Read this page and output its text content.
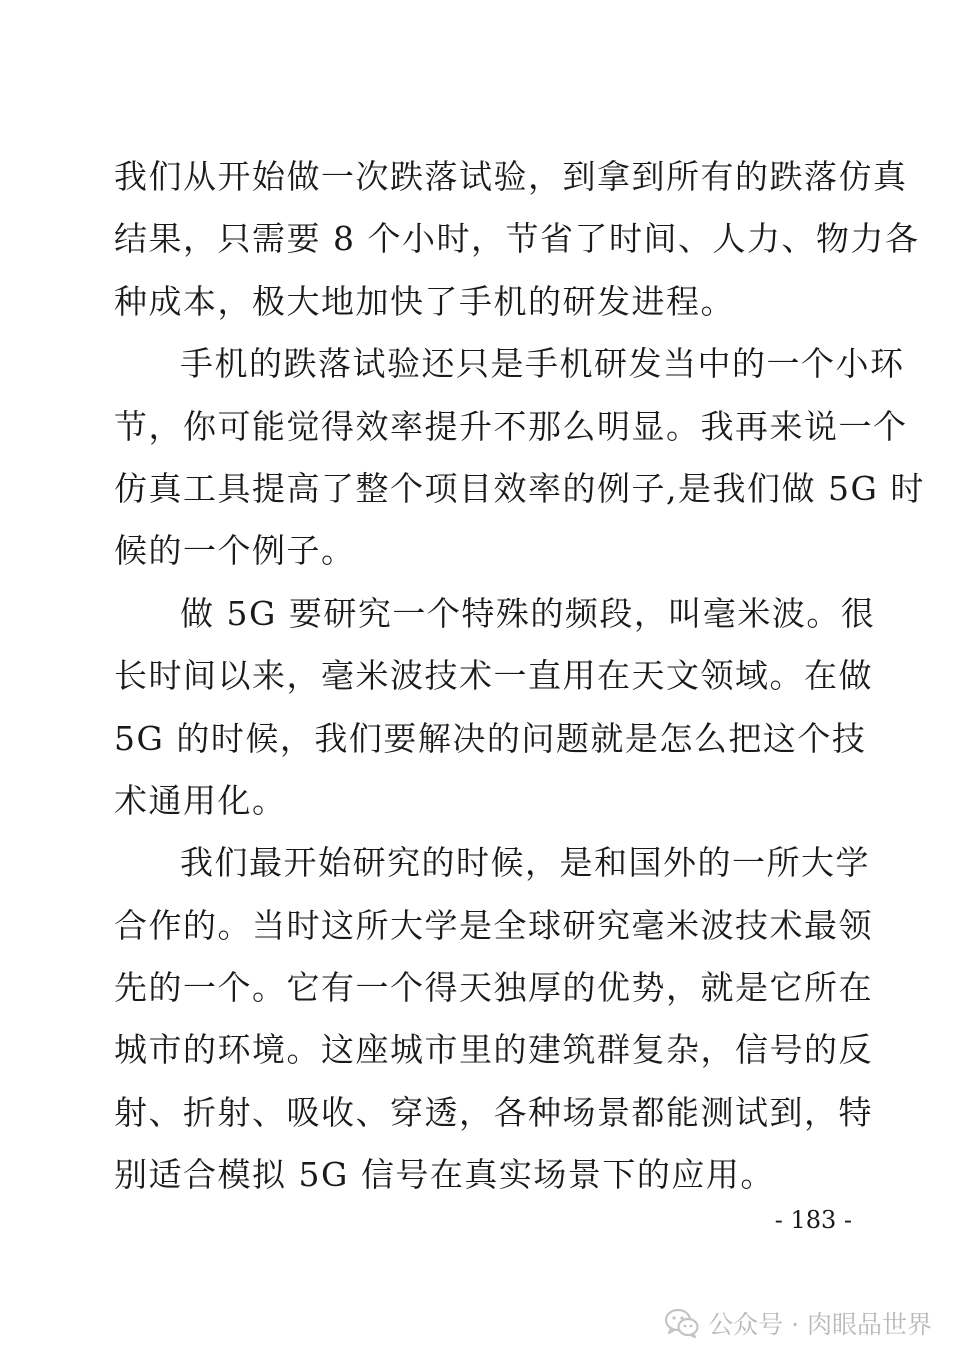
我们从开始做一次跌落试验，到拿到所有的跌落仿真
结果，只需要 8 个小时，节省了时间、人力、物力各
种成本，极大地加快了手机的研发进程。
手机的跌落试验还只是手机研发当中的一个小环
节，你可能觉得效率提升不那么明显。我再来说一个
仿真工具提高了整个项目效率的例子,是我们做 5G 时
候的一个例子。
做 5G 要研究一个特殊的频段，叫毫米波。很
长时间以来，毫米波技术一直用在天文领域。在做
5G 的时候，我们要解决的问题就是怎么把这个技
术通用化。
我们最开始研究的时候，是和国外的一所大学
合作的。当时这所大学是全球研究毫米波技术最领
先的一个。它有一个得天独厚的优势，就是它所在
城市的环境。这座城市里的建筑群复杂，信号的反
射、折射、吸收、穿透，各种场景都能测试到，特
别适合模拟 5G 信号在真实场景下的应用。
- 183 -
公众号 · 肉眼品世界
